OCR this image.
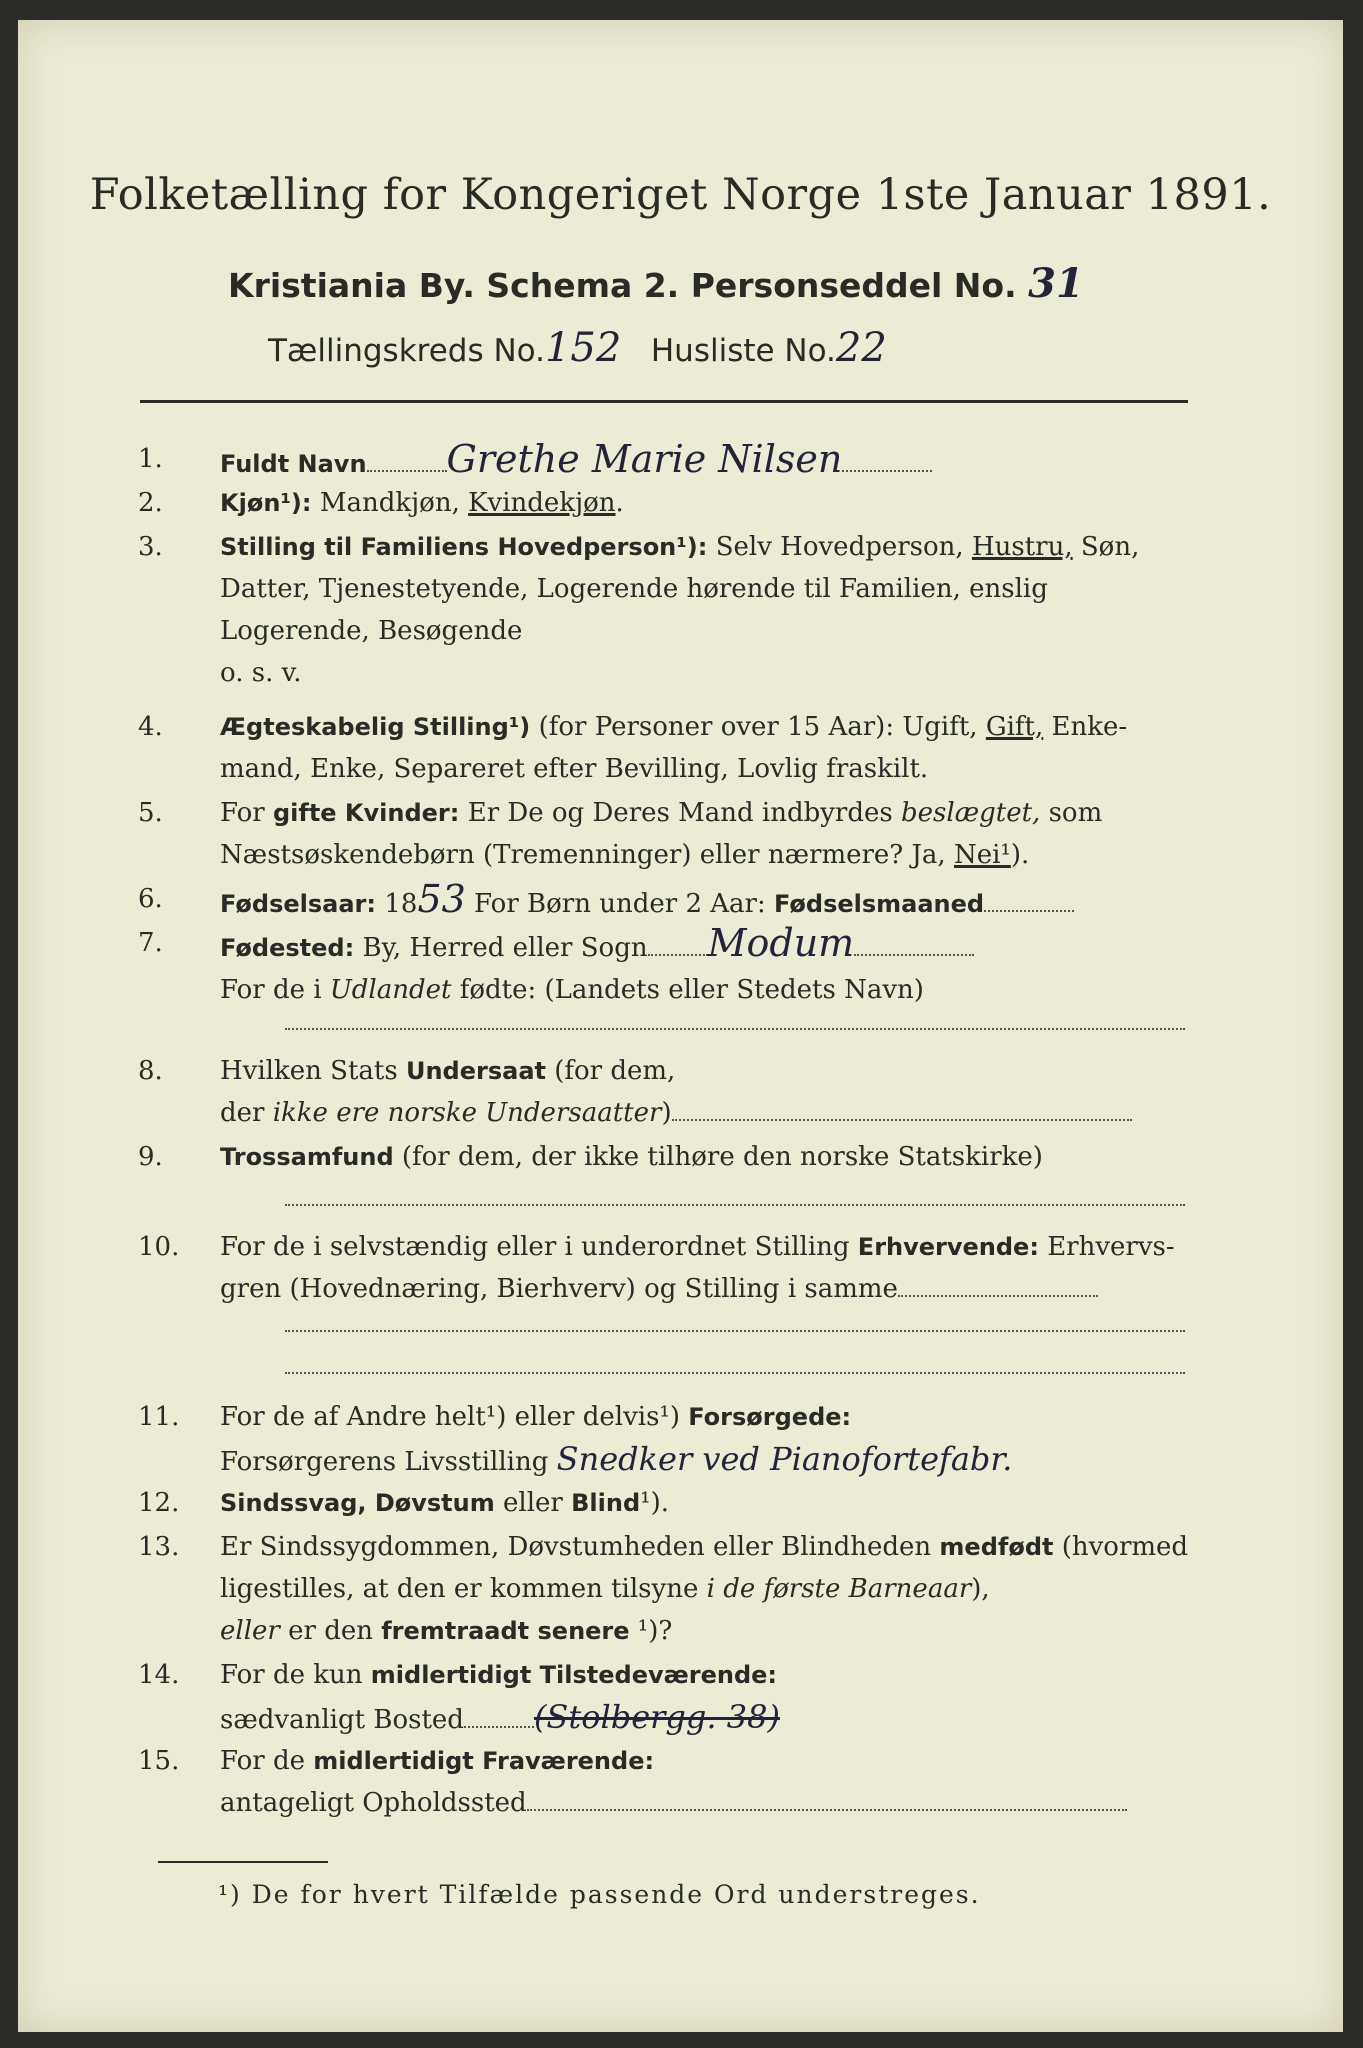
Folketælling for Kongeriget Norge 1ste Januar 1891.
Kristiania By. Schema 2. Personseddel No. 31
Tællingskreds No.152 Husliste No.22
1.	Fuldt Navn Grethe Marie Nilsen
2.	Kjøn¹): Mandkjøn, Kvindekjøn.
3.	Stilling til Familiens Hovedperson¹): Selv Hovedperson, Hustru, Søn,
Datter, Tjenestetyende, Logerende hørende til Familien, enslig
Logerende, Besøgende
o. s. v.
4.	Ægteskabelig Stilling¹) (for Personer over 15 Aar): Ugift, Gift, Enke-
mand, Enke, Separeret efter Bevilling, Lovlig fraskilt.
5.	For gifte Kvinder: Er De og Deres Mand indbyrdes beslægtet, som
Næstsøskendebørn (Tremenninger) eller nærmere? Ja, Nei¹).
6.	Fødselsaar: 1853 For Børn under 2 Aar: Fødselsmaaned
7.	Fødested: By, Herred eller Sogn Modum
For de i Udlandet fødte: (Landets eller Stedets Navn)
8.	Hvilken Stats Undersaat (for dem,
der ikke ere norske Undersaatter)
9.	Trossamfund (for dem, der ikke tilhøre den norske Statskirke)
10.	For de i selvstændig eller i underordnet Stilling Erhvervende: Erhvervs-
gren (Hovednæring, Bierhverv) og Stilling i samme
11.	For de af Andre helt¹) eller delvis¹) Forsørgede:
Forsørgerens Livsstilling Snedker ved Pianofortefabr.
12.	Sindssvag, Døvstum eller Blind¹).
13.	Er Sindssygdommen, Døvstumheden eller Blindheden medfødt (hvormed
ligestilles, at den er kommen tilsyne i de første Barneaar),
eller er den fremtraadt senere ¹)?
14.	For de kun midlertidigt Tilstedeværende:
sædvanligt Bosted (Stolbergg. 38)
15.	For de midlertidigt Fraværende:
antageligt Opholdssted
¹) De for hvert Tilfælde passende Ord understreges.
